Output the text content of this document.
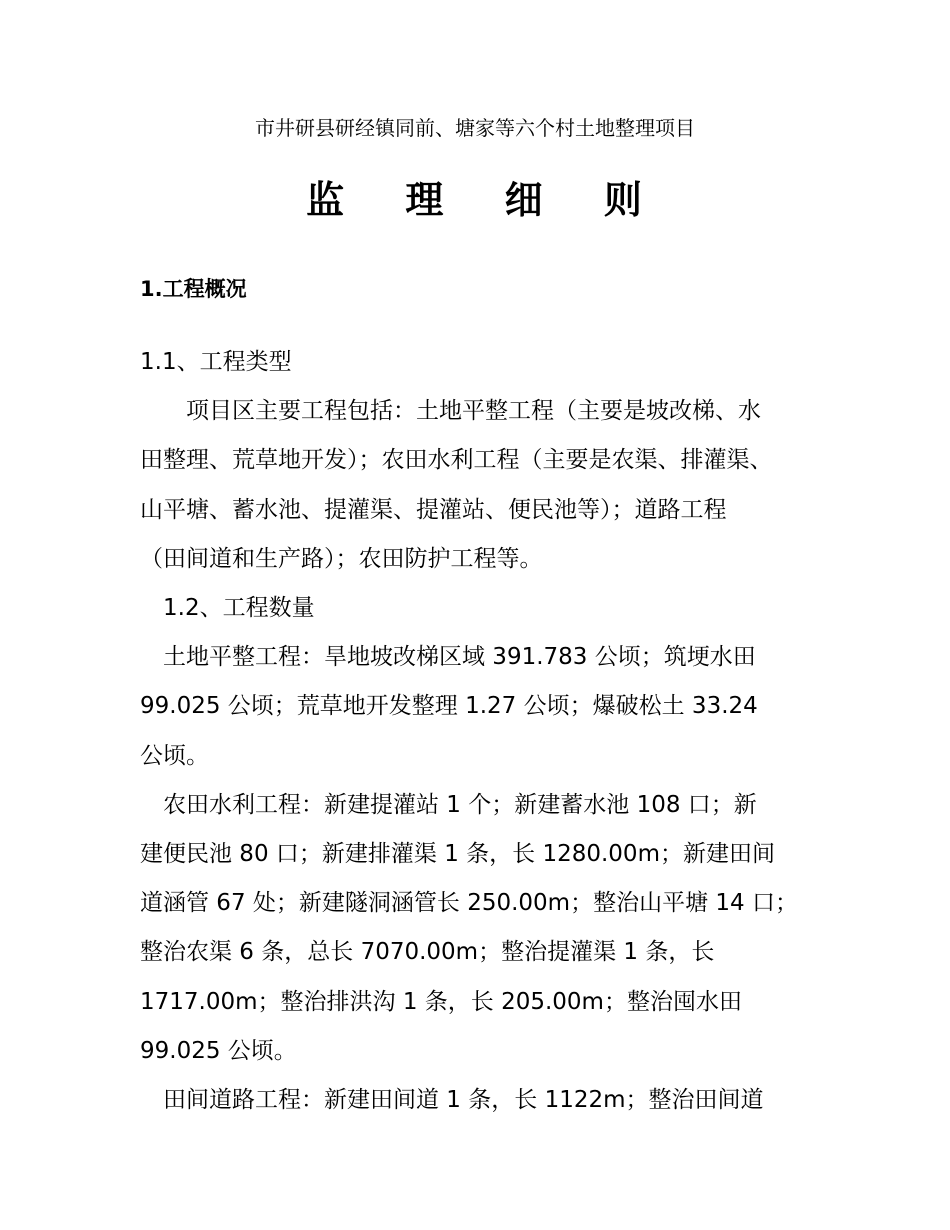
市井研县研经镇同前、塘家等六个村土地整理项目
监 理 细 则
1.工程概况
1.1、工程类型
　　项目区主要工程包括：土地平整工程（主要是坡改梯、水
田整理、荒草地开发）；农田水利工程（主要是农渠、排灌渠、
山平塘、蓄水池、提灌渠、提灌站、便民池等）；道路工程
（田间道和生产路）；农田防护工程等。
　1.2、工程数量
　土地平整工程：旱地坡改梯区域 391.783 公顷；筑埂水田
99.025 公顷；荒草地开发整理 1.27 公顷；爆破松土 33.24
公顷。
　农田水利工程：新建提灌站 1 个；新建蓄水池 108 口；新
建便民池 80 口；新建排灌渠 1 条，长 1280.00m；新建田间
道涵管 67 处；新建隧洞涵管长 250.00m；整治山平塘 14 口；
整治农渠 6 条，总长 7070.00m；整治提灌渠 1 条，长
1717.00m；整治排洪沟 1 条，长 205.00m；整治囤水田
99.025 公顷。
　田间道路工程：新建田间道 1 条，长 1122m；整治田间道
